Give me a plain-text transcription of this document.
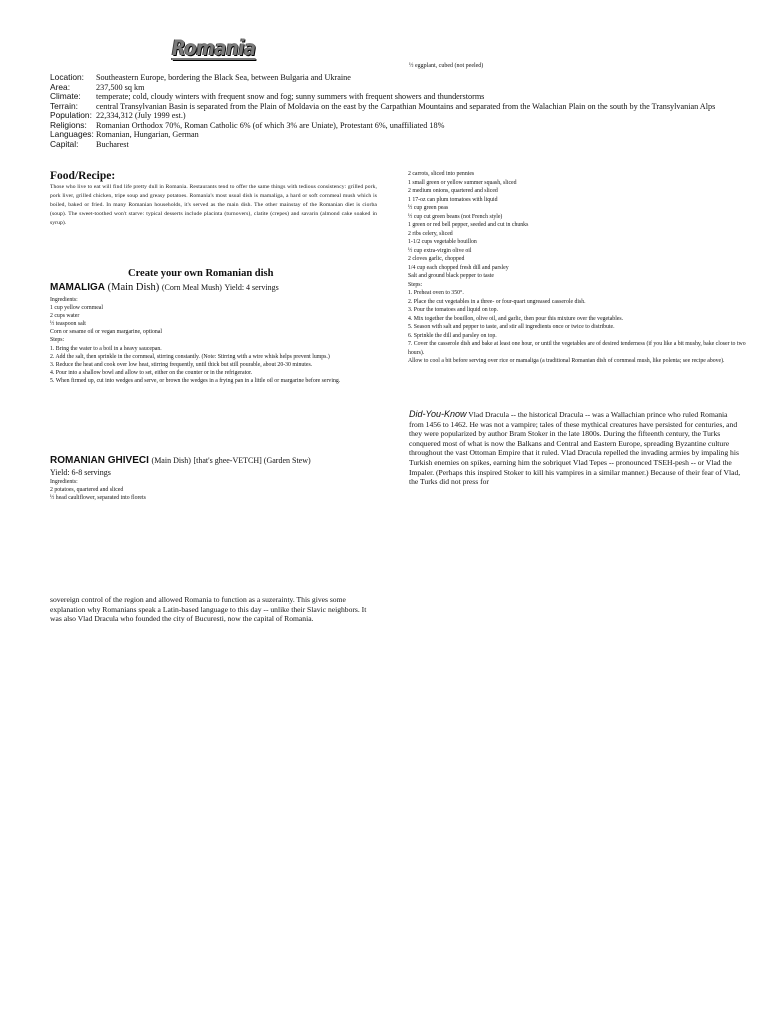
Romania
Location:	Southeastern Europe, bordering the Black Sea, between Bulgaria and Ukraine
Area:	237,500 sq km
Climate:	temperate; cold, cloudy winters with frequent snow and fog; sunny summers with frequent showers and thunderstorms
Terrain:	central Transylvanian Basin is separated from the Plain of Moldavia on the east by the Carpathian Mountains and separated from the Walachian Plain on the south by the Transylvanian Alps
Population: 22,334,312 (July 1999 est.)
Religions:	Romanian Orthodox 70%, Roman Catholic 6% (of which 3% are Uniate), Protestant 6%, unaffiliated 18%
Languages: Romanian, Hungarian, German
Capital:	Bucharest
Food/Recipe:
Those who live to eat will find life pretty dull in Romania. Restaurants tend to offer the same things with tedious consistency: grilled pork, pork liver, grilled chicken, tripe soup and greasy potatoes. Romania's most usual dish is mamaliga, a hard or soft cornmeal mush which is boiled, baked or fried. In many Romanian households, it's served as the main dish. The other mainstay of the Romanian diet is ciorba (soup). The sweet-toothed won't starve: typical desserts include placinta (turnovers), clatite (crepes) and savarin (almond cake soaked in syrup).
Create your own Romanian dish
MAMALIGA (Main Dish) (Corn Meal Mush) Yield: 4 servings
Ingredients:
1 cup yellow cornmeal
2 cups water
½ teaspoon salt
Corn or sesame oil or vegan margarine, optional
Steps:
1. Bring the water to a boil in a heavy saucepan.
2. Add the salt, then sprinkle in the cornmeal, stirring constantly. (Note: Stirring with a wire whisk helps prevent lumps.)
3. Reduce the heat and cook over low heat, stirring frequently, until thick but still pourable, about 20-30 minutes.
4. Pour into a shallow bowl and allow to set, either on the counter or in the refrigerator.
5. When firmed up, cut into wedges and serve, or brown the wedges in a frying pan in a little oil or margarine before serving.
ROMANIAN GHIVECI (Main Dish) [that's ghee-VETCH] (Garden Stew)
Yield: 6-8 servings
Ingredients:
2 potatoes, quartered and sliced
½ head cauliflower, separated into florets
½ eggplant, cubed (not peeled)
2 carrots, sliced into pennies
1 small green or yellow summer squash, sliced
2 medium onions, quartered and sliced
1 17-oz can plum tomatoes with liquid
½ cup green peas
½ cup cut green beans (not French style)
1 green or red bell pepper, seeded and cut in chunks
2 ribs celery, sliced
1-1/2 cups vegetable bouillon
½ cup extra-virgin olive oil
2 cloves garlic, chopped
1/4 cup each chopped fresh dill and parsley
Salt and ground black pepper to taste
Steps:
1. Preheat oven to 350°.
2. Place the cut vegetables in a three- or four-quart ungreased casserole dish.
3. Pour the tomatoes and liquid on top.
4. Mix together the bouillon, olive oil, and garlic, then pour this mixture over the vegetables.
5. Season with salt and pepper to taste, and stir all ingredients once or twice to distribute.
6. Sprinkle the dill and parsley on top.
7. Cover the casserole dish and bake at least one hour, or until the vegetables are of desired tenderness (if you like a bit mushy, bake closer to two hours).
Allow to cool a bit before serving over rice or mamaliga (a traditional Romanian dish of cornmeal mush, like polenta; see recipe above).
Did-You-Know Vlad Dracula -- the historical Dracula -- was a Wallachian prince who ruled Romania from 1456 to 1462. He was not a vampire; tales of these mythical creatures have persisted for centuries, and they were popularized by author Bram Stoker in the late 1800s. During the fifteenth century, the Turks conquered most of what is now the Balkans and Central and Eastern Europe, spreading Byzantine culture throughout the vast Ottoman Empire that it ruled. Vlad Dracula repelled the invading armies by impaling his Turkish enemies on spikes, earning him the sobriquet Vlad Tepes -- pronounced TSEH-pesh -- or Vlad the Impaler. (Perhaps this inspired Stoker to kill his vampires in a similar manner.) Because of their fear of Vlad, the Turks did not press for
sovereign control of the region and allowed Romania to function as a suzerainty. This gives some explanation why Romanians speak a Latin-based language to this day -- unlike their Slavic neighbors. It was also Vlad Dracula who founded the city of Bucuresti, now the capital of Romania.
